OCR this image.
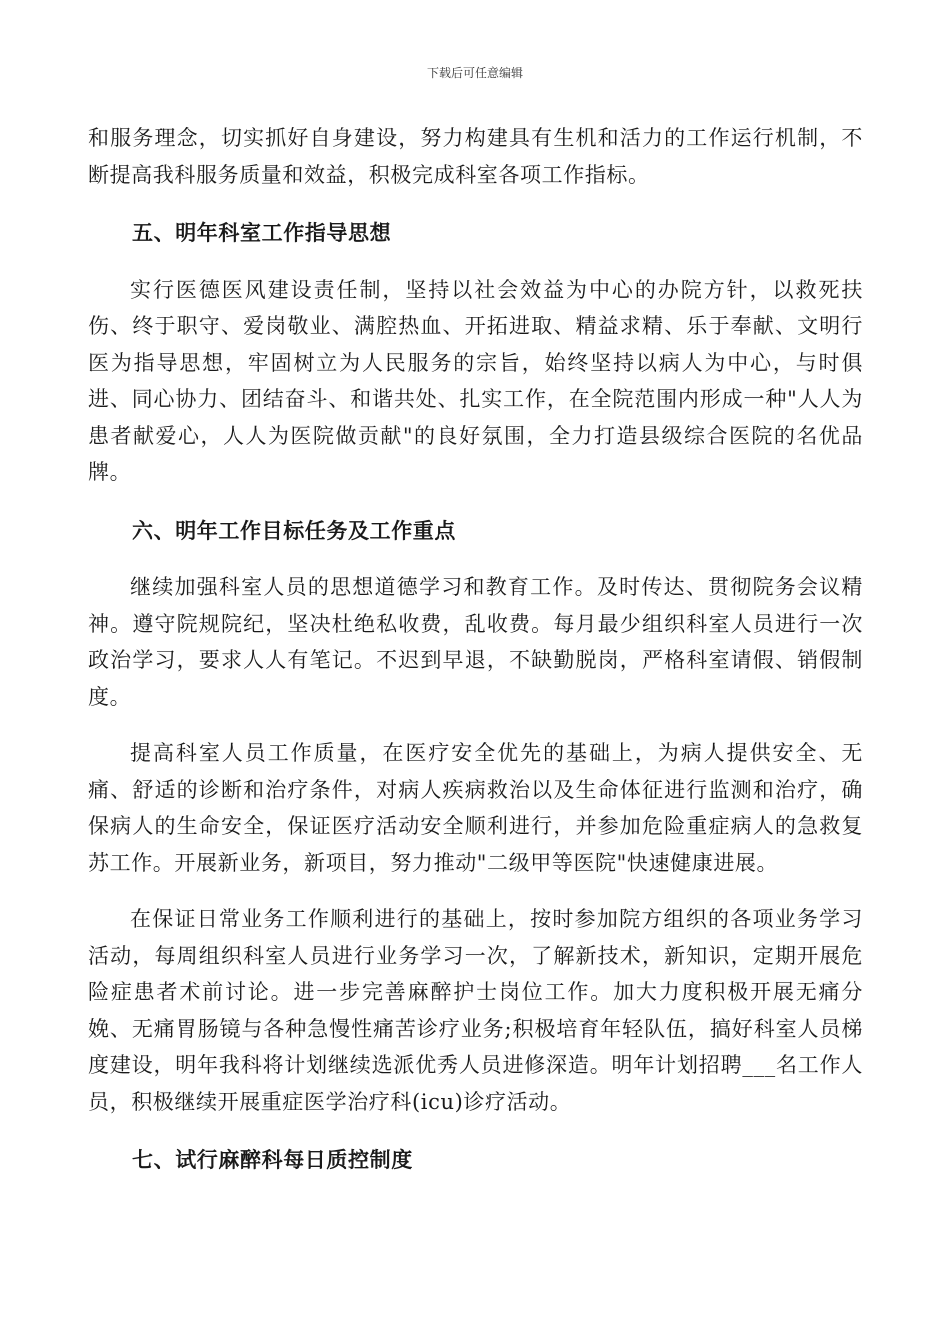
下载后可任意编辑

和服务理念，切实抓好自身建设，努力构建具有生机和活力的工作运行机制，不断提高我科服务质量和效益，积极完成科室各项工作指标。

五、明年科室工作指导思想

实行医德医风建设责任制，坚持以社会效益为中心的办院方针，以救死扶伤、终于职守、爱岗敬业、满腔热血、开拓进取、精益求精、乐于奉献、文明行医为指导思想，牢固树立为人民服务的宗旨，始终坚持以病人为中心，与时俱进、同心协力、团结奋斗、和谐共处、扎实工作，在全院范围内形成一种"人人为患者献爱心，人人为医院做贡献"的良好氛围，全力打造县级综合医院的名优品牌。

六、明年工作目标任务及工作重点

继续加强科室人员的思想道德学习和教育工作。及时传达、贯彻院务会议精神。遵守院规院纪，坚决杜绝私收费，乱收费。每月最少组织科室人员进行一次政治学习，要求人人有笔记。不迟到早退，不缺勤脱岗，严格科室请假、销假制度。

提高科室人员工作质量，在医疗安全优先的基础上，为病人提供安全、无痛、舒适的诊断和治疗条件，对病人疾病救治以及生命体征进行监测和治疗，确保病人的生命安全，保证医疗活动安全顺利进行，并参加危险重症病人的急救复苏工作。开展新业务，新项目，努力推动"二级甲等医院"快速健康进展。

在保证日常业务工作顺利进行的基础上，按时参加院方组织的各项业务学习活动，每周组织科室人员进行业务学习一次，了解新技术，新知识，定期开展危险症患者术前讨论。进一步完善麻醉护士岗位工作。加大力度积极开展无痛分娩、无痛胃肠镜与各种急慢性痛苦诊疗业务;积极培育年轻队伍，搞好科室人员梯度建设，明年我科将计划继续选派优秀人员进修深造。明年计划招聘___名工作人员，积极继续开展重症医学治疗科(icu)诊疗活动。

七、试行麻醉科每日质控制度
